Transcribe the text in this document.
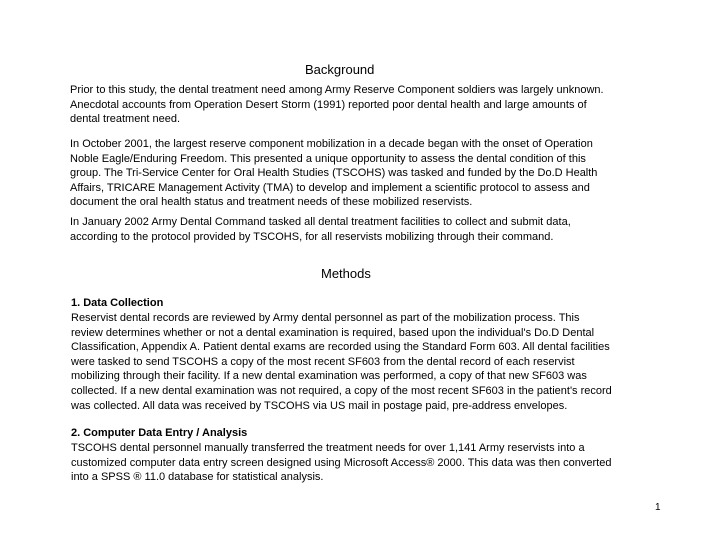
Background

Prior to this study, the dental treatment need among Army Reserve Component soldiers was largely unknown.
Anecdotal accounts from Operation Desert Storm (1991) reported poor dental health and large amounts of
dental treatment need.

In October 2001, the largest reserve component mobilization in a decade began with the onset of Operation
Noble Eagle/Enduring Freedom. This presented a unique opportunity to assess the dental condition of this
group. The Tri-Service Center for Oral Health Studies (TSCOHS) was tasked and funded by the Do.D Health
Affairs, TRICARE Management Activity (TMA) to develop and implement a scientific protocol to assess and
document the oral health status and treatment needs of these mobilized reservists.

In January 2002 Army Dental Command tasked all dental treatment facilities to collect and submit data,
according to the protocol provided by TSCOHS, for all reservists mobilizing through their command.

Methods
1. Data Collection

Reservist dental records are reviewed by Army dental personnel as part of the mobilization process. This
review determines whether or not a dental examination is required, based upon the individual's Do.D Dental
Classification, Appendix A. Patient dental exams are recorded using the Standard Form 603. All dental facilities
were tasked to send TSCOHS a copy of the most recent SF603 from the dental record of each reservist
mobilizing through their facility. If a new dental examination was performed, a copy of that new SF603 was
collected. If a new dental examination was not required, a copy of the most recent SF603 in the patient's record
was collected. All data was received by TSCOHS via US mail in postage paid, pre-address envelopes.

2. Computer Data Entry / Analysis

TSCOHS dental personnel manually transferred the treatment needs for over 1,141 Army reservists into a
customized computer data entry screen designed using Microsoft Access® 2000. This data was then converted
into a SPSS ® 11.0 database for statistical analysis.

1
